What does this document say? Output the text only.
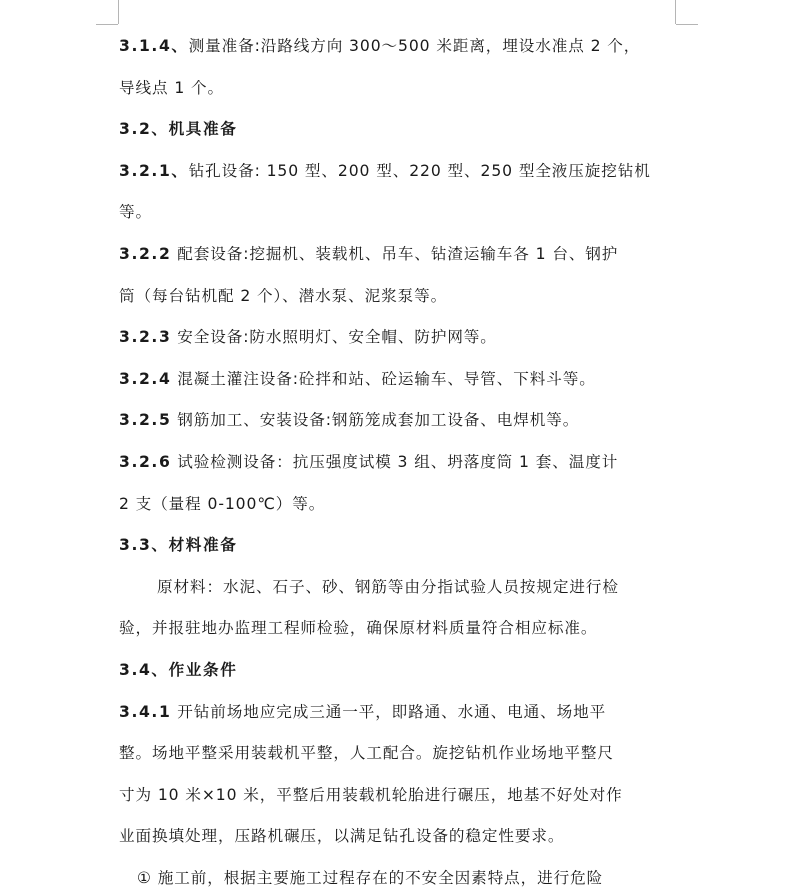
3.1.4、测量准备:沿路线方向 300～500 米距离，埋设水准点 2 个，
导线点 1 个。
3.2、机具准备
3.2.1、钻孔设备: 150 型、200 型、220 型、250 型全液压旋挖钻机
等。
3.2.2 配套设备:挖掘机、装载机、吊车、钻渣运输车各 1 台、钢护
筒（每台钻机配 2 个）、潜水泵、泥浆泵等。
3.2.3 安全设备:防水照明灯、安全帽、防护网等。
3.2.4 混凝土灌注设备:砼拌和站、砼运输车、导管、下料斗等。
3.2.5 钢筋加工、安装设备:钢筋笼成套加工设备、电焊机等。
3.2.6 试验检测设备：抗压强度试模 3 组、坍落度筒 1 套、温度计
2 支（量程 0-100℃）等。
3.3、材料准备
原材料：水泥、石子、砂、钢筋等由分指试验人员按规定进行检
验，并报驻地办监理工程师检验，确保原材料质量符合相应标准。
3.4、作业条件
3.4.1 开钻前场地应完成三通一平，即路通、水通、电通、场地平
整。场地平整采用装载机平整，人工配合。旋挖钻机作业场地平整尺
寸为 10 米×10 米，平整后用装载机轮胎进行碾压，地基不好处对作
业面换填处理，压路机碾压，以满足钻孔设备的稳定性要求。
① 施工前，根据主要施工过程存在的不安全因素特点，进行危险
